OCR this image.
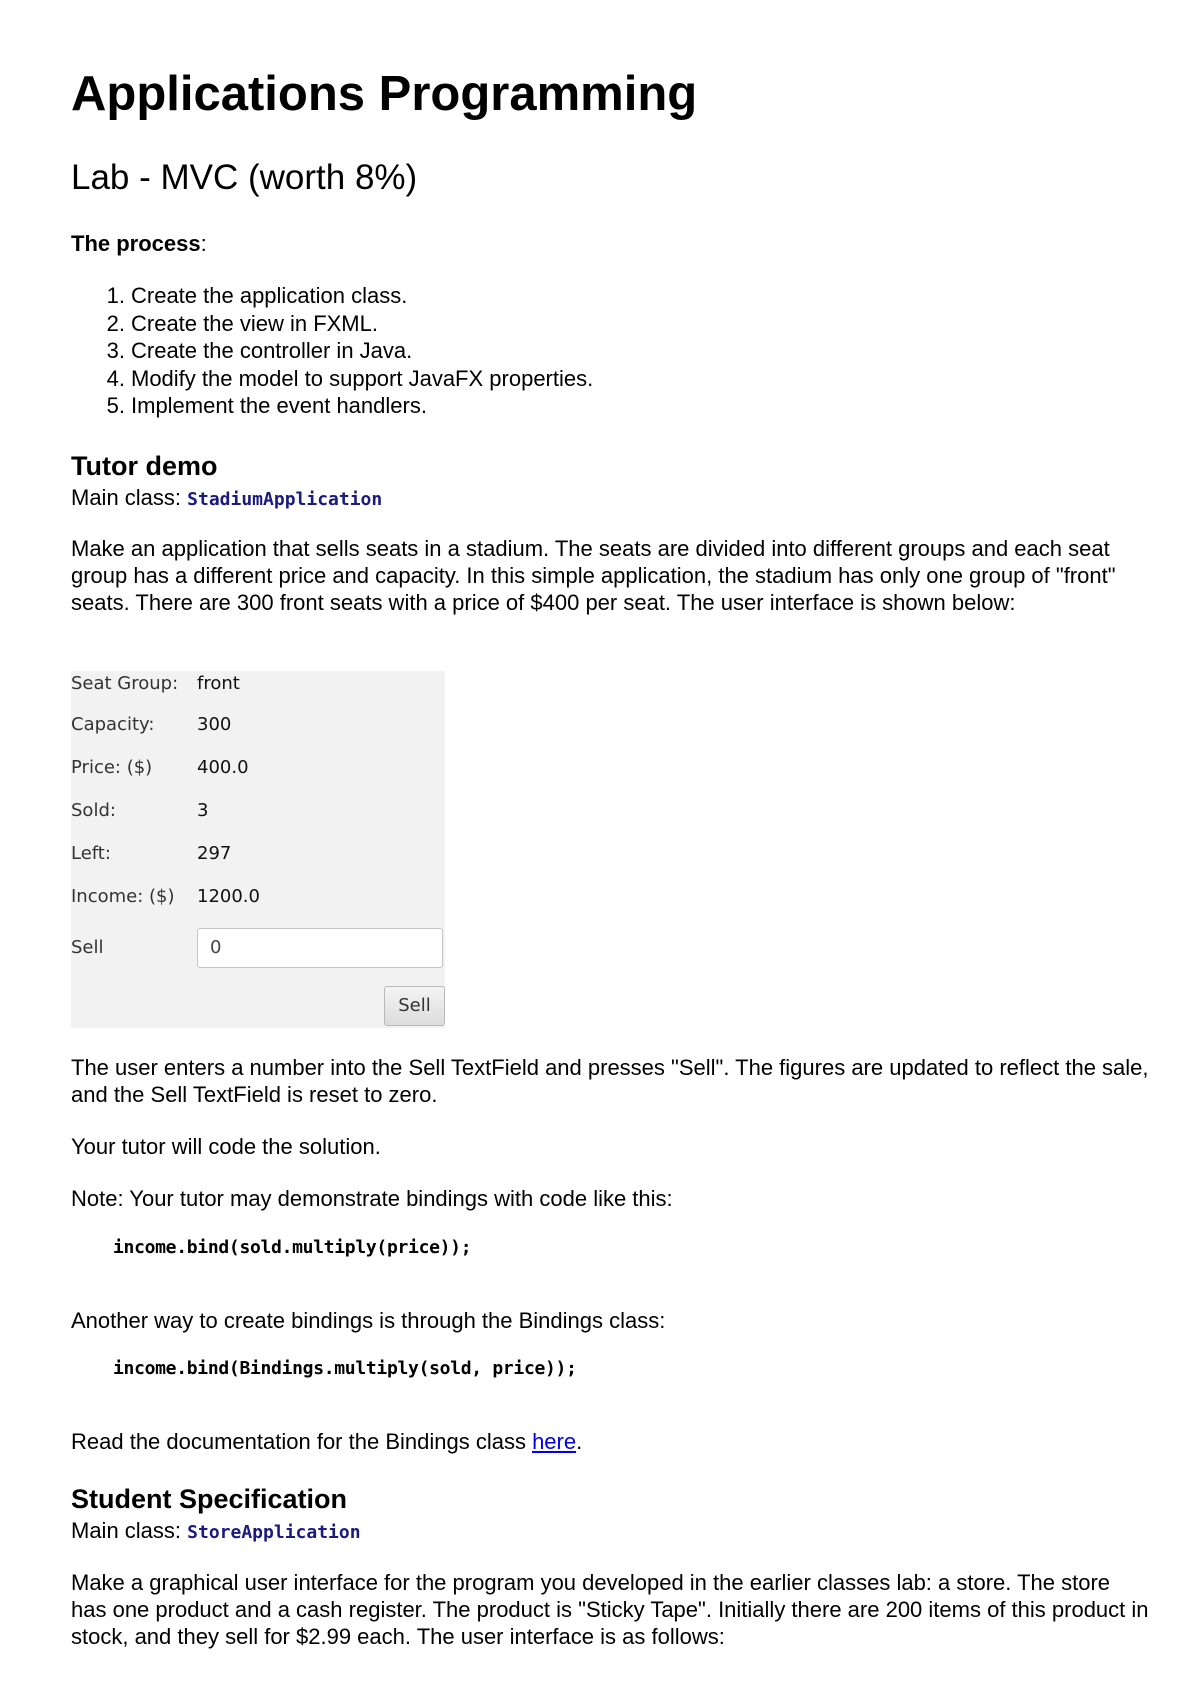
Applications Programming
Lab - MVC (worth 8%)
The process:
1. Create the application class.
2. Create the view in FXML.
3. Create the controller in Java.
4. Modify the model to support JavaFX properties.
5. Implement the event handlers.
Tutor demo
Main class: StadiumApplication
Make an application that sells seats in a stadium. The seats are divided into different groups and each seat group has a different price and capacity. In this simple application, the stadium has only one group of "front" seats. There are 300 front seats with a price of $400 per seat. The user interface is shown below:
Seat Group: front
Capacity: 300
Price: ($) 400.0
Sold:	3
Left:	297
Income: ($) 1200.0
Sell	0
Sell
The user enters a number into the Sell TextField and presses "Sell". The figures are updated to reflect the sale, and the Sell TextField is reset to zero.
Your tutor will code the solution.
Note: Your tutor may demonstrate bindings with code like this:
income.bind(sold.multiply(price));
Another way to create bindings is through the Bindings class:
income.bind(Bindings.multiply(sold, price));
Read the documentation for the Bindings class here.
Student Specification
Main class: StoreApplication
Make a graphical user interface for the program you developed in the earlier classes lab: a store. The store has one product and a cash register. The product is "Sticky Tape". Initially there are 200 items of this product in stock, and they sell for $2.99 each. The user interface is as follows:
